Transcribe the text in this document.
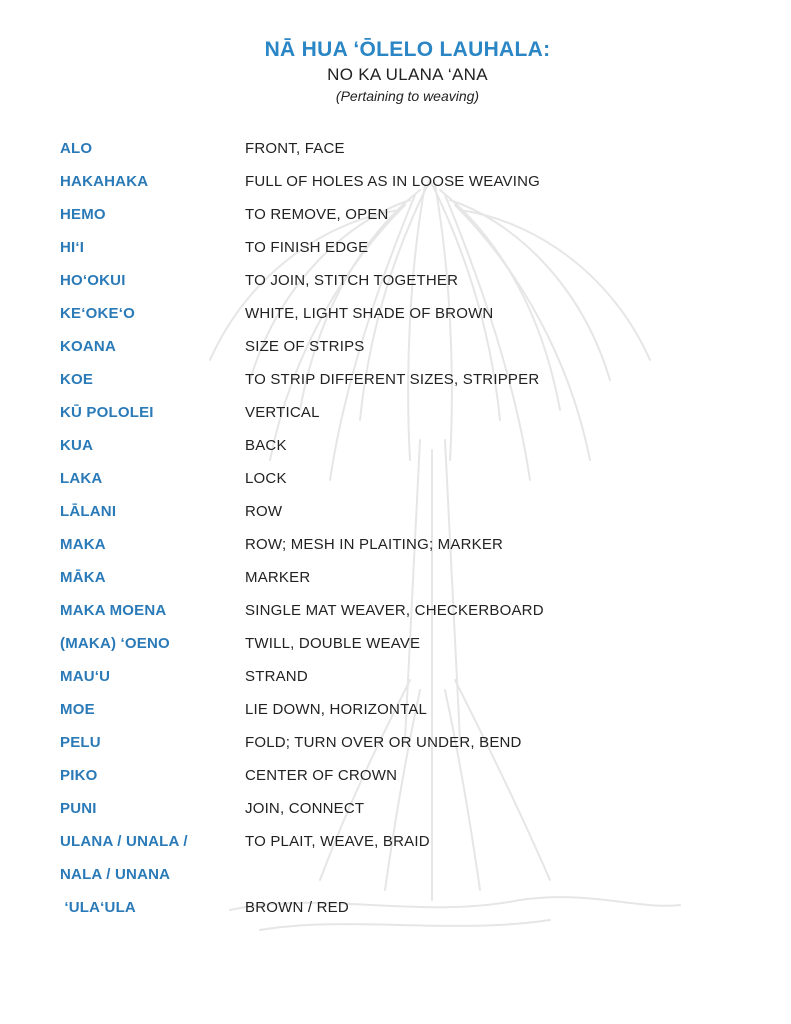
NĀ HUA ‘ŌLELO LAUHALA:
NO KA ULANA ‘ANA
(Pertaining to weaving)
ALO	FRONT, FACE
HAKAHAKA	FULL OF HOLES AS IN LOOSE WEAVING
HEMO	TO REMOVE, OPEN
HI‘I	TO FINISH EDGE
HO‘OKUI	TO JOIN, STITCH TOGETHER
KE‘OKE‘O	WHITE, LIGHT SHADE OF BROWN
KOANA	SIZE OF STRIPS
KOE	TO STRIP DIFFERENT SIZES, STRIPPER
KŪ POLOLEI	VERTICAL
KUA	BACK
LAKA	LOCK
LĀLANI	ROW
MAKA	ROW; MESH IN PLAITING; MARKER
MĀKA	MARKER
MAKA MOENA	SINGLE MAT WEAVER, CHECKERBOARD
(MAKA) ‘OENO	TWILL, DOUBLE WEAVE
MAU‘U	STRAND
MOE	LIE DOWN, HORIZONTAL
PELU	FOLD; TURN OVER OR UNDER, BEND
PIKO	CENTER OF CROWN
PUNI	JOIN, CONNECT
ULANA / UNALA /	TO PLAIT, WEAVE, BRAID
NALA / UNANA
‘ULA‘ULA	BROWN / RED
